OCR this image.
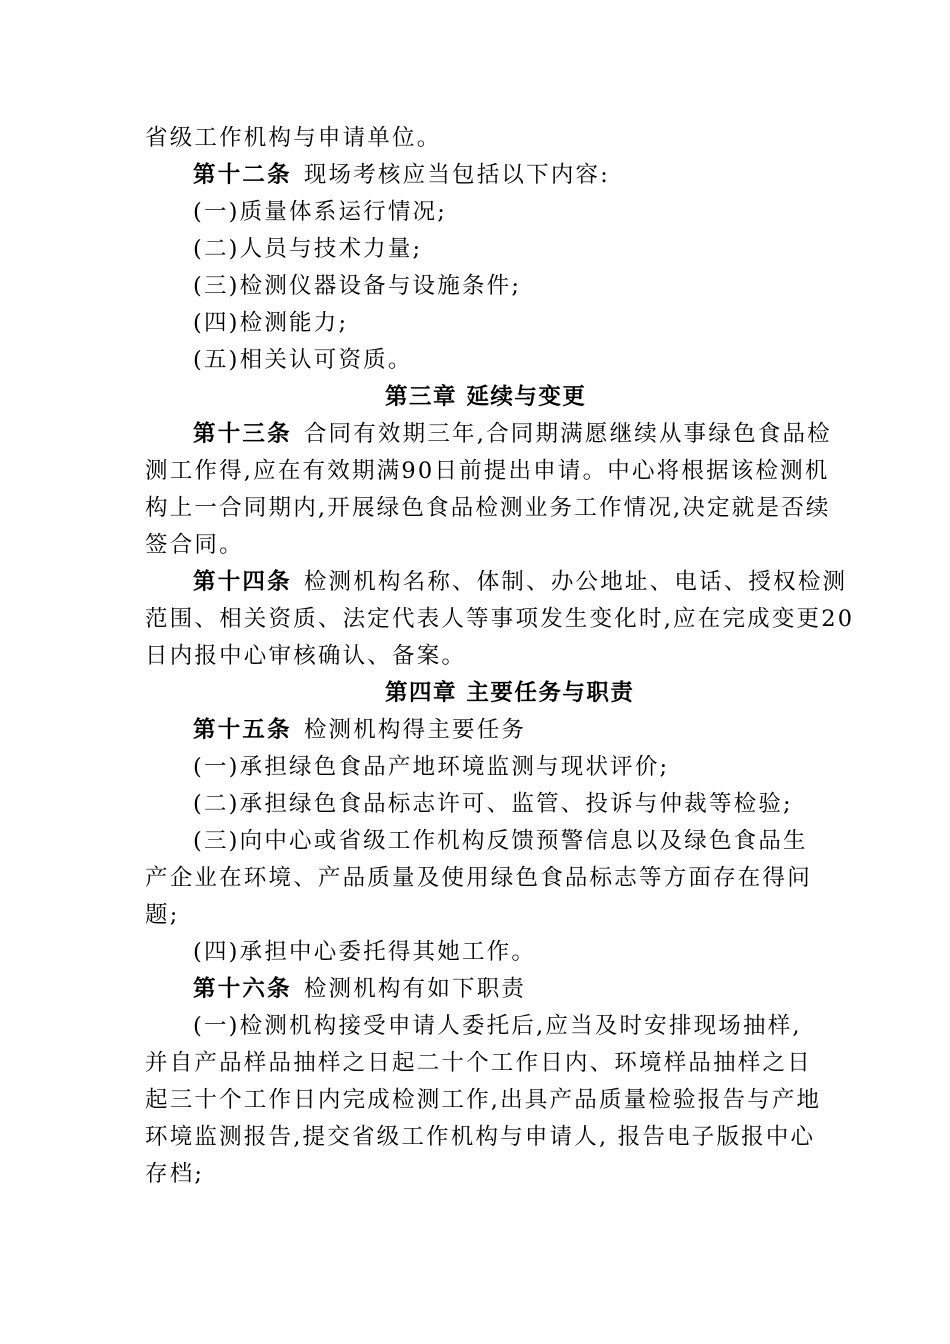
省级工作机构与申请单位。
第十二条 现场考核应当包括以下内容:
(一)质量体系运行情况;
(二)人员与技术力量;
(三)检测仪器设备与设施条件;
(四)检测能力;
(五)相关认可资质。
第三章 延续与变更
第十三条 合同有效期三年,合同期满愿继续从事绿色食品检
测工作得,应在有效期满90日前提出申请。中心将根据该检测机
构上一合同期内,开展绿色食品检测业务工作情况,决定就是否续
签合同。
第十四条 检测机构名称、体制、办公地址、电话、授权检测
范围、相关资质、法定代表人等事项发生变化时,应在完成变更20
日内报中心审核确认、备案。
第四章 主要任务与职责
第十五条 检测机构得主要任务
(一)承担绿色食品产地环境监测与现状评价;
(二)承担绿色食品标志许可、监管、投诉与仲裁等检验;
(三)向中心或省级工作机构反馈预警信息以及绿色食品生
产企业在环境、产品质量及使用绿色食品标志等方面存在得问
题;
(四)承担中心委托得其她工作。
第十六条 检测机构有如下职责
(一)检测机构接受申请人委托后,应当及时安排现场抽样,
并自产品样品抽样之日起二十个工作日内、环境样品抽样之日
起三十个工作日内完成检测工作,出具产品质量检验报告与产地
环境监测报告,提交省级工作机构与申请人, 报告电子版报中心
存档;
